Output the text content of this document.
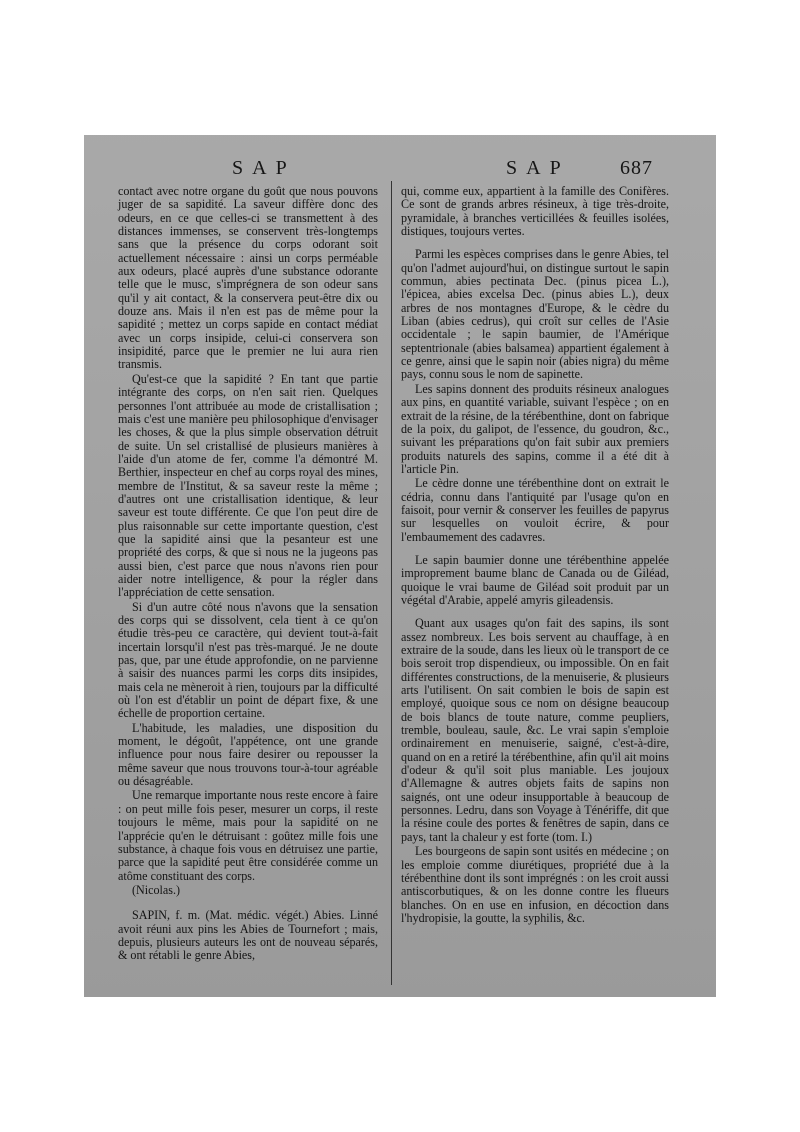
SAP	SAP	687

contaƈt avec notre organe du goût que nous pouvons juger de sa sapidité. La saveur diffère donc des odeurs, en ce que celles-ci se transmettent à des distances immenses, se conservent très-longtemps sans que la présence du corps odorant soit actuellement nécessaire : ainsi un corps perméable aux odeurs, placé auprès d'une substance odorante telle que le musc, s'imprégnera de son odeur sans qu'il y ait contact, & la conservera peut-être dix ou douze ans. Mais il n'en est pas de même pour la sapidité ; mettez un corps sapide en contact médiat avec un corps insipide, celui-ci conservera son insipidité, parce que le premier ne lui aura rien transmis.

Qu'est-ce que la sapidité ? En tant que partie intégrante des corps, on n'en sait rien. Quelques personnes l'ont attribuée au mode de cristallisation ; mais c'est une manière peu philosophique d'envisager les choses, & que la plus simple observation détruit de suite. Un sel cristallisé de plusieurs manières à l'aide d'un atome de fer, comme l'a démontré M. Berthier, inspecteur en chef au corps royal des mines, membre de l'Institut, & sa saveur reste la même ; d'autres ont une cristallisation identique, & leur saveur est toute différente. Ce que l'on peut dire de plus raisonnable sur cette importante question, c'est que la sapidité ainsi que la pesanteur est une propriété des corps, & que si nous ne la jugeons pas aussi bien, c'est parce que nous n'avons rien pour aider notre intelligence, & pour la régler dans l'appréciation de cette sensation.

Si d'un autre côté nous n'avons que la sensation des corps qui se dissolvent, cela tient à ce qu'on étudie très-peu ce caractère, qui devient tout-à-fait incertain lorsqu'il n'est pas très-marqué. Je ne doute pas, que, par une étude approfondie, on ne parvienne à saisir des nuances parmi les corps dits insipides, mais cela ne mèneroit à rien, toujours par la difficulté où l'on est d'établir un point de départ fixe, & une échelle de proportion certaine.

L'habitude, les maladies, une disposition du moment, le dégoût, l'appétence, ont une grande influence pour nous faire desirer ou repousser la même saveur que nous trouvons tour-à-tour agréable ou désagréable.

Une remarque importante nous reste encore à faire : on peut mille fois peser, mesurer un corps, il reste toujours le même, mais pour la sapidité on ne l'apprécie qu'en le détruisant : goûtez mille fois une substance, à chaque fois vous en détruisez une partie, parce que la sapidité peut être considérée comme un atôme constituant des corps.

(Nicolas.)

SAPIN, f. m. (Mat. médic. végét.) Abies. Linné avoit réuni aux pins les Abies de Tournefort ; mais, depuis, plusieurs auteurs les ont de nouveau séparés, & ont rétabli le genre Abies,

qui, comme eux, appartient à la famille des Conifères. Ce sont de grands arbres résineux, à tige très-droite, pyramidale, à branches verticillées & feuilles isolées, distiques, toujours vertes.

Parmi les espèces comprises dans le genre Abies, tel qu'on l'admet aujourd'hui, on distingue surtout le sapin commun, abies pectinata Dec. (pinus picea L.), l'épicea, abies excelsa Dec. (pinus abies L.), deux arbres de nos montagnes d'Europe, & le cèdre du Liban (abies cedrus), qui croît sur celles de l'Asie occidentale ; le sapin baumier, de l'Amérique septentrionale (abies balsamea) appartient également à ce genre, ainsi que le sapin noir (abies nigra) du même pays, connu sous le nom de sapinette.

Les sapins donnent des produits résineux analogues aux pins, en quantité variable, suivant l'espèce ; on en extrait de la résine, de la térébenthine, dont on fabrique de la poix, du galipot, de l'essence, du goudron, &c., suivant les préparations qu'on fait subir aux premiers produits naturels des sapins, comme il a été dit à l'article Pin.

Le cèdre donne une térébenthine dont on extrait le cédria, connu dans l'antiquité par l'usage qu'on en faisoit, pour vernir & conserver les feuilles de papyrus sur lesquelles on vouloit écrire, & pour l'embaumement des cadavres.

Le sapin baumier donne une térébenthine appelée improprement baume blanc de Canada ou de Giléad, quoique le vrai baume de Giléad soit produit par un végétal d'Arabie, appelé amyris gileadensis.

Quant aux usages qu'on fait des sapins, ils sont assez nombreux. Les bois servent au chauffage, à en extraire de la soude, dans les lieux où le transport de ce bois seroit trop dispendieux, ou impossible. On en fait différentes constructions, de la menuiserie, & plusieurs arts l'utilisent. On sait combien le bois de sapin est employé, quoique sous ce nom on désigne beaucoup de bois blancs de toute nature, comme peupliers, tremble, bouleau, saule, &c. Le vrai sapin s'emploie ordinairement en menuiserie, saigné, c'est-à-dire, quand on en a retiré la térébenthine, afin qu'il ait moins d'odeur & qu'il soit plus maniable. Les joujoux d'Allemagne & autres objets faits de sapins non saignés, ont une odeur insupportable à beaucoup de personnes. Ledru, dans son Voyage à Ténériffe, dit que la résine coule des portes & fenêtres de sapin, dans ce pays, tant la chaleur y est forte (tom. I.)

Les bourgeons de sapin sont usités en médecine ; on les emploie comme diurétiques, propriété due à la térébenthine dont ils sont imprégnés : on les croit aussi antiscorbutiques, & on les donne contre les flueurs blanches. On en use en infusion, en décoction dans l'hydropisie, la goutte, la syphilis, &c.
